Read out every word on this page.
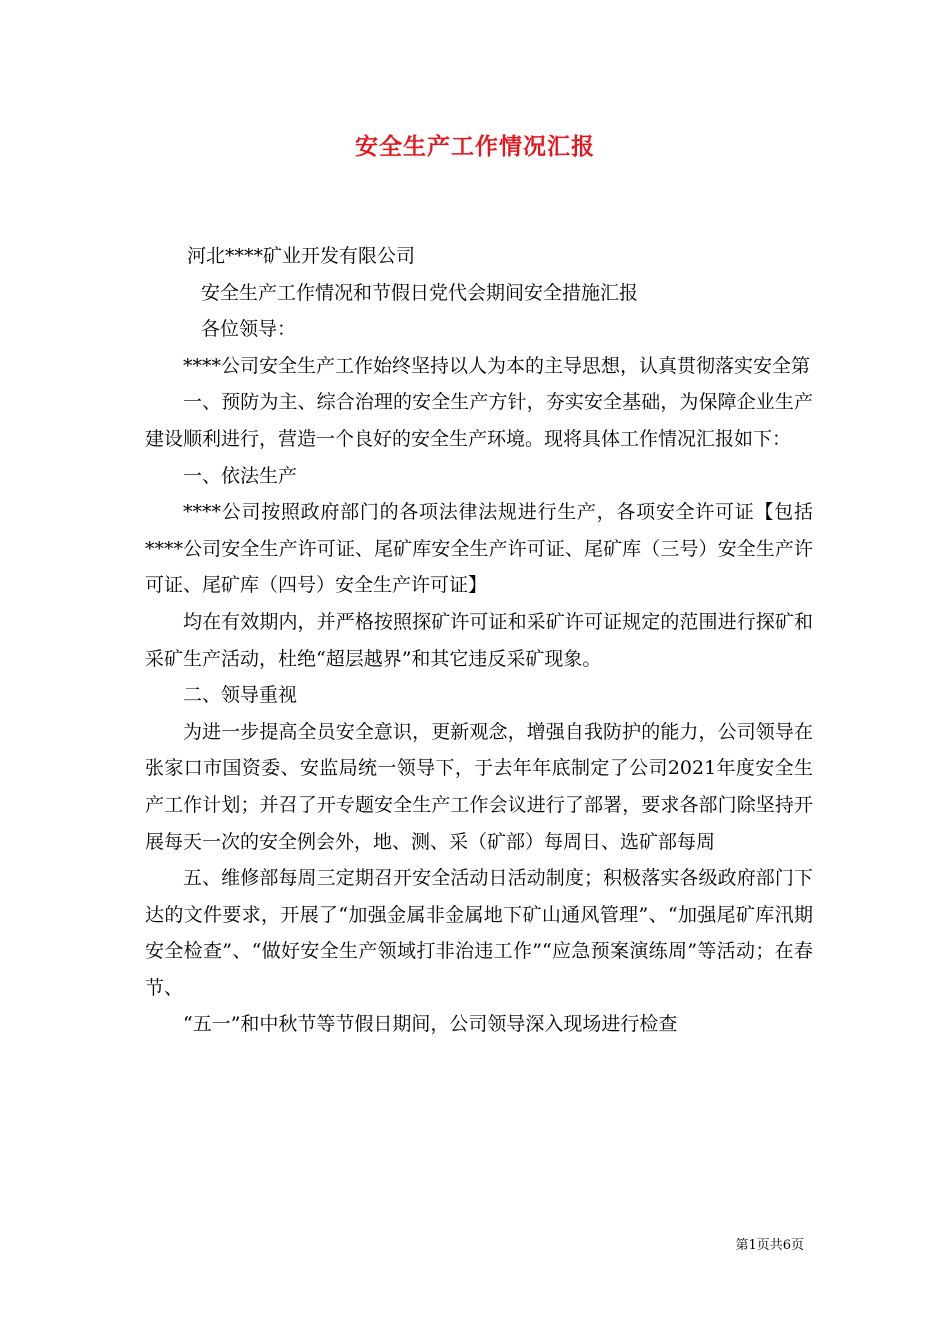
安全生产工作情况汇报

河北****矿业开发有限公司

安全生产工作情况和节假日党代会期间安全措施汇报

各位领导：

****公司安全生产工作始终坚持以人为本的主导思想，认真贯彻落实安全第

一、预防为主、综合治理的安全生产方针，夯实安全基础，为保障企业生产建设顺利进行，营造一个良好的安全生产环境。现将具体工作情况汇报如下：

一、依法生产

****公司按照政府部门的各项法律法规进行生产，各项安全许可证【包括****公司安全生产许可证、尾矿库安全生产许可证、尾矿库（三号）安全生产许可证、尾矿库（四号）安全生产许可证】

均在有效期内，并严格按照探矿许可证和采矿许可证规定的范围进行探矿和采矿生产活动，杜绝“超层越界”和其它违反采矿现象。

二、领导重视

为进一步提高全员安全意识，更新观念，增强自我防护的能力，公司领导在张家口市国资委、安监局统一领导下，于去年年底制定了公司2021年度安全生产工作计划；并召了开专题安全生产工作会议进行了部署，要求各部门除坚持开展每天一次的安全例会外，地、测、采（矿部）每周日、选矿部每周

五、维修部每周三定期召开安全活动日活动制度；积极落实各级政府部门下达的文件要求，开展了“加强金属非金属地下矿山通风管理”、“加强尾矿库汛期安全检查”、“做好安全生产领域打非治违工作”“应急预案演练周”等活动；在春节、

“五一”和中秋节等节假日期间，公司领导深入现场进行检查

第1页共6页
